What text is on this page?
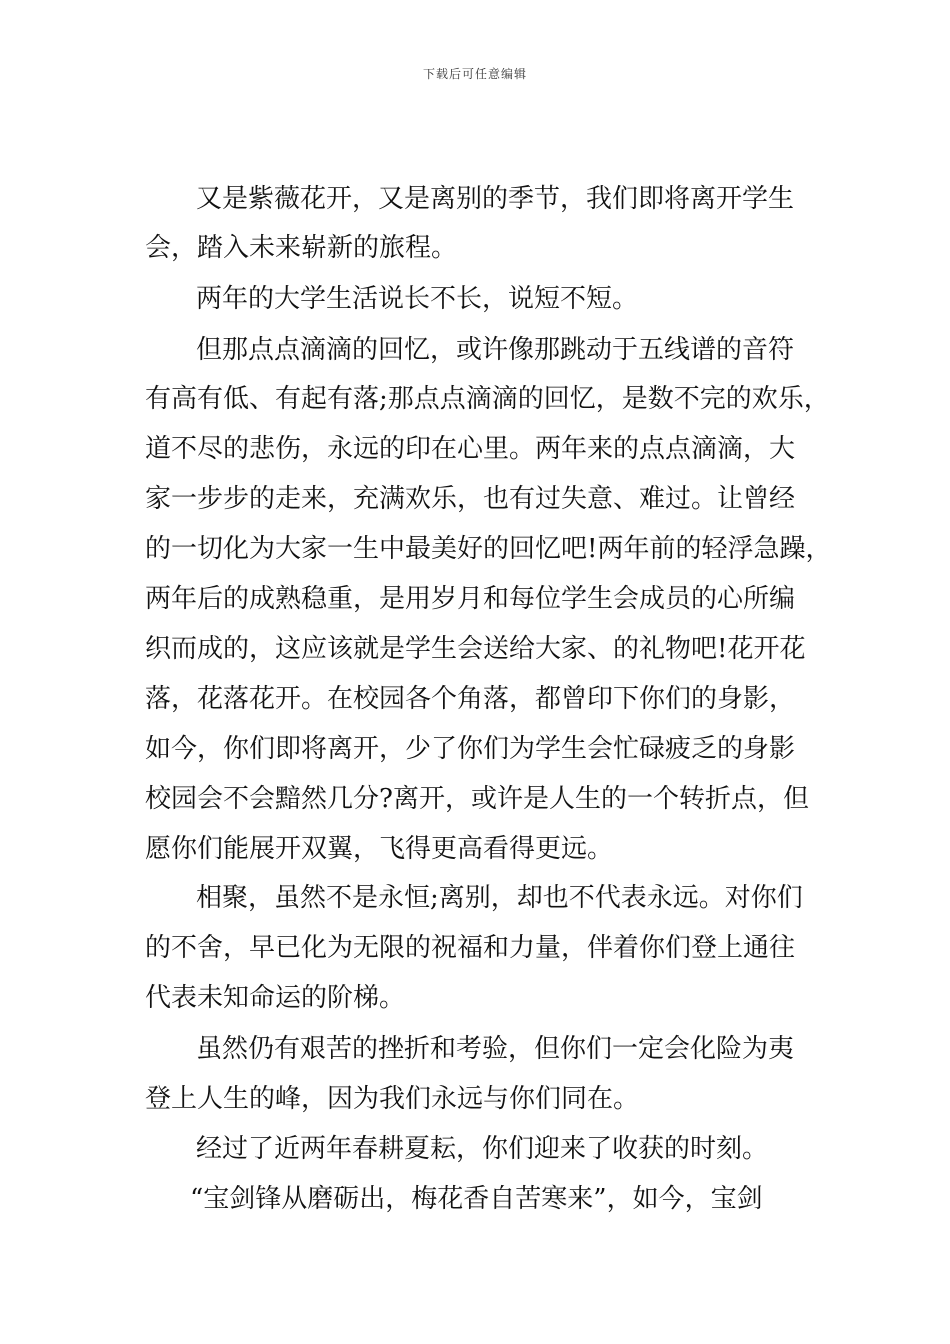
下载后可任意编辑
又是紫薇花开，又是离别的季节，我们即将离开学生
会，踏入未来崭新的旅程。
两年的大学生活说长不长，说短不短。
但那点点滴滴的回忆，或许像那跳动于五线谱的音符
有高有低、有起有落;那点点滴滴的回忆，是数不完的欢乐，
道不尽的悲伤，永远的印在心里。两年来的点点滴滴，大
家一步步的走来，充满欢乐，也有过失意、难过。让曾经
的一切化为大家一生中最美好的回忆吧!两年前的轻浮急躁，
两年后的成熟稳重，是用岁月和每位学生会成员的心所编
织而成的，这应该就是学生会送给大家、的礼物吧!花开花
落，花落花开。在校园各个角落，都曾印下你们的身影，
如今，你们即将离开，少了你们为学生会忙碌疲乏的身影
校园会不会黯然几分?离开，或许是人生的一个转折点，但
愿你们能展开双翼，飞得更高看得更远。
相聚，虽然不是永恒;离别，却也不代表永远。对你们
的不舍，早已化为无限的祝福和力量，伴着你们登上通往
代表未知命运的阶梯。
虽然仍有艰苦的挫折和考验，但你们一定会化险为夷
登上人生的峰，因为我们永远与你们同在。
经过了近两年春耕夏耘，你们迎来了收获的时刻。
“宝剑锋从磨砺出，梅花香自苦寒来”，如今，宝剑
